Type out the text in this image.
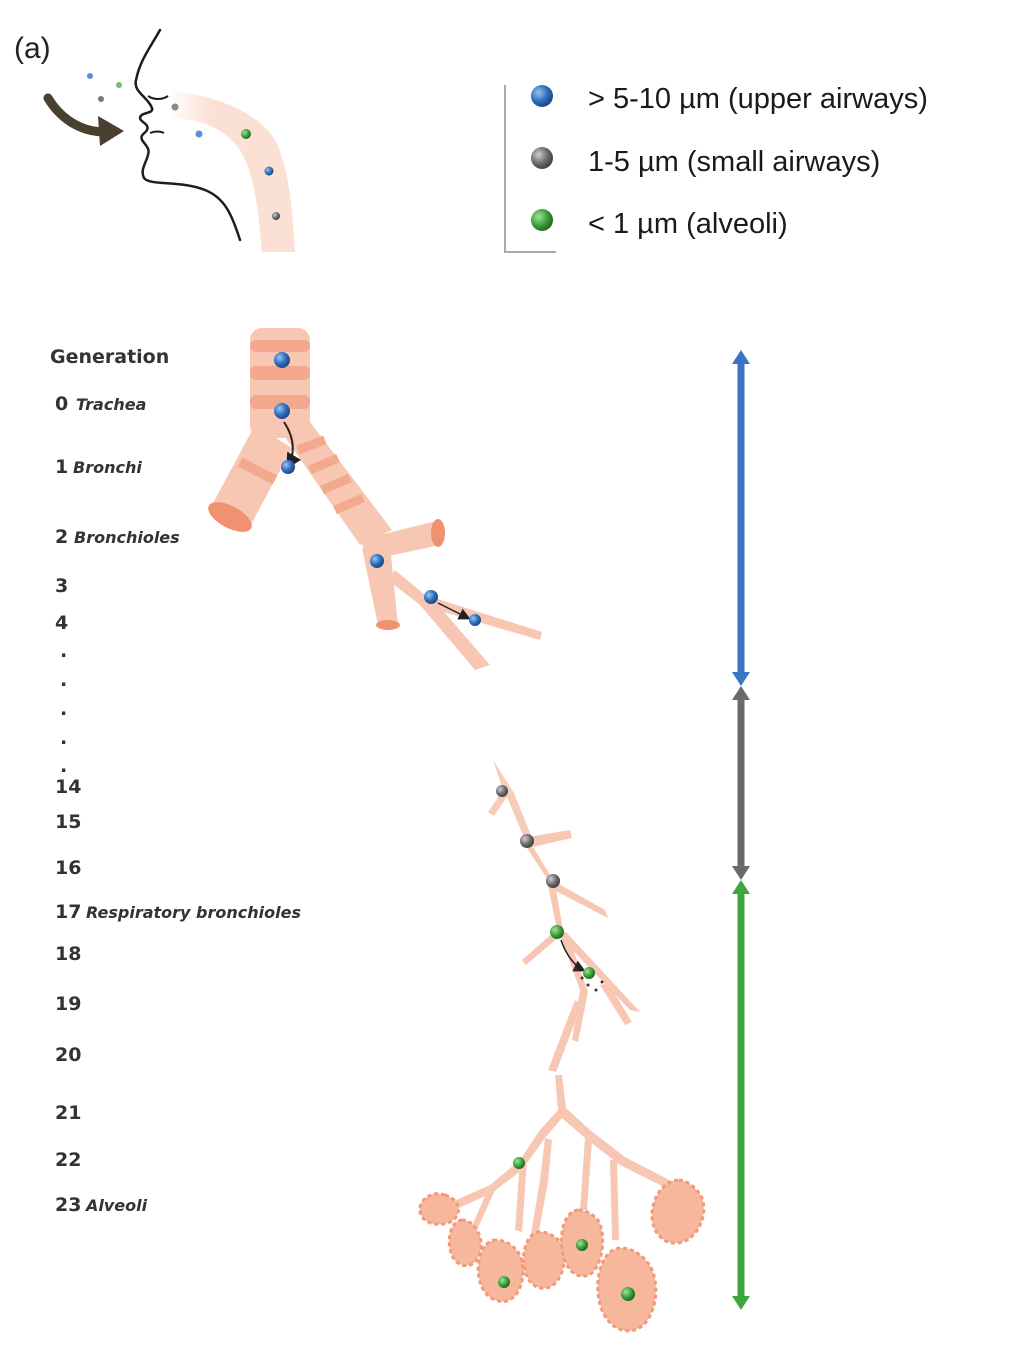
(a)
> 5-10 µm (upper airways)
1-5 µm (small airways)
< 1 µm (alveoli)
Generation
0 Trachea
1 Bronchi
2 Bronchioles
3
4
.
.
.
.
.
14
15
16
17 Respiratory bronchioles
18
19
20
21
22
23 Alveoli
